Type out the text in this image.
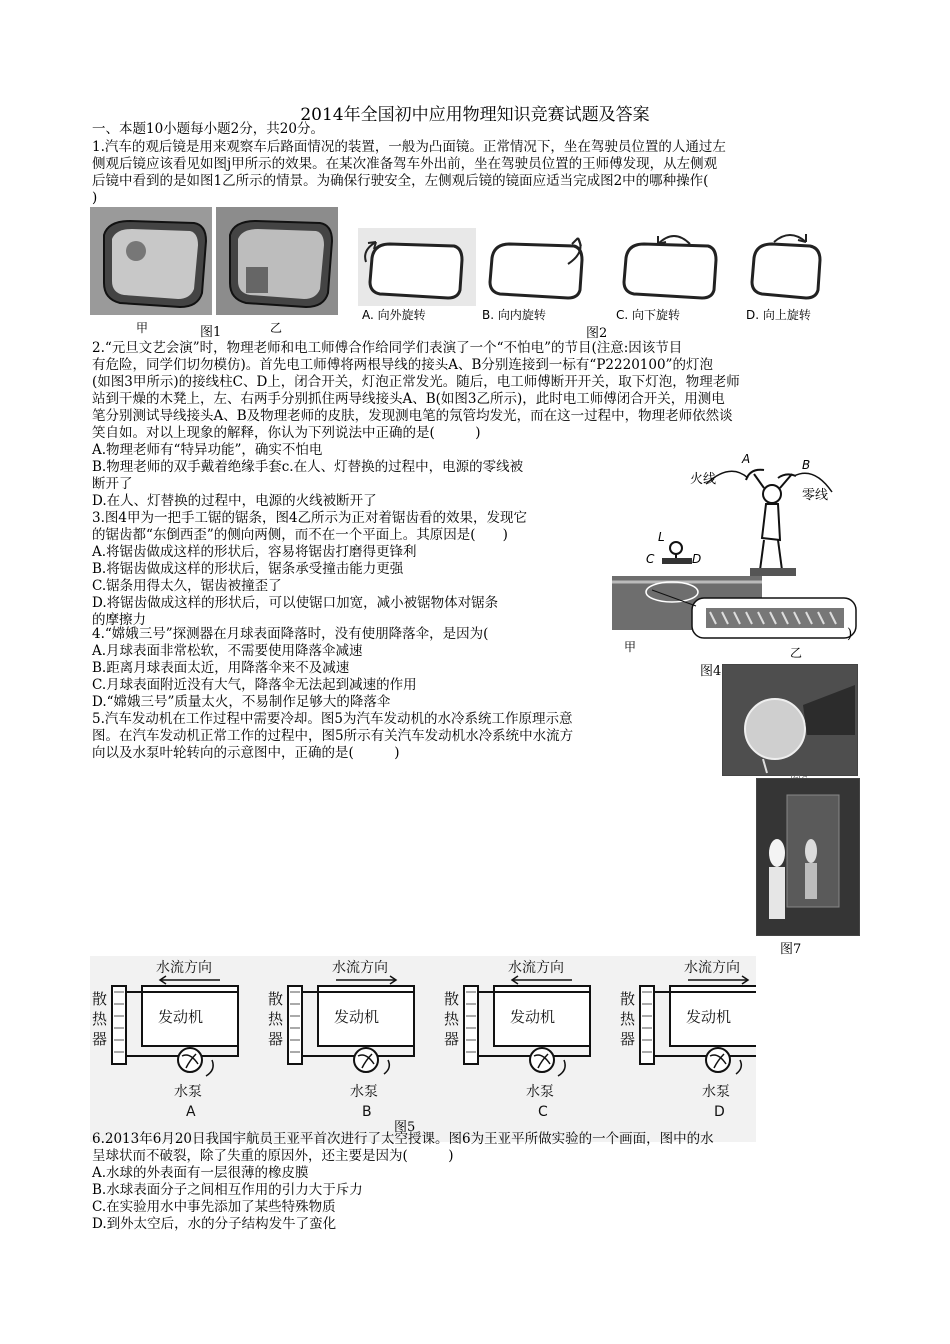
2014年全国初中应用物理知识竞赛试题及答案
一、本题10小题每小题2分，共20分。
1.汽车的观后镜是用来观察车后路面情况的装置，一般为凸面镜。正常情况下，坐在驾驶员位置的人通过左
侧观后镜应该看见如图j甲所示的效果。在某次准备驾车外出前，坐在驾驶员位置的王师傅发现，从左侧观
后镜中看到的是如图1乙所示的情景。为确保行驶安全，左侧观后镜的镜面应适当完成图2中的哪种操作(
)
甲	图1	乙
A. 向外旋转	B. 向内旋转	C. 向下旋转	D. 向上旋转
图2
2.“元旦文艺会演”时，物理老师和电工师傅合作给同学们表演了一个“不怕电”的节目(注意:因该节目
有危险，同学们切勿模仿)。首先电工师傅将两根导线的接头A、B分别连接到一标有“P2220100”的灯泡
(如图3甲所示)的接线柱C、D上，闭合开关，灯泡正常发光。随后，电工师傅断开开关，取下灯泡，物理老师
站到干燥的木凳上，左、右两手分别抓住两导线接头A、B(如图3乙所示)，此时电工师傅闭合开关，用测电
笔分别测试导线接头A、B及物理老师的皮肤，发现测电笔的氖管均发光，而在这一过程中，物理老师依然谈
笑自如。对以上现象的解释，你认为下列说法中正确的是(　　　)
A.物理老师有“特异功能”，确实不怕电
B.物理老师的双手戴着绝缘手套c.在人、灯替换的过程中，电源的零线被
断开了
D.在人、灯替换的过程中，电源的火线被断开了
火线
A	B
零线
L
C	D
3.图4甲为一把手工锯的锯条，图4乙所示为正对着锯齿看的效果，发现它
的锯齿都“东倒西歪”的侧向两侧，而不在一个平面上。其原因是(　　)
A.将锯齿做成这样的形状后，容易将锯齿打磨得更锋利
B.将锯齿做成这样的形状后，锯条承受撞击能力更强
C.锯条用得太久，锯齿被撞歪了
D.将锯齿做成这样的形状后，可以使锯口加宽，减小被锯物体对锯条
的摩擦力
甲
图4
乙
4.“嫦娥三号”探测器在月球表面降落时，没有使朋降落伞，是因为(	)
A.月球表面非常松软，不需要使用降落伞减速
B.距离月球表面太近，用降落伞来不及减速
C.月球表面附近没有大气，降落伞无法起到减速的作用
D.“嫦娥三号”质量太火，不易制作足够大的降落伞
5.汽车发动机在工作过程中需要冷却。图5为汽车发动机的水冷系统工作原理示意
图。在汽车发动机正常工作的过程中，图5所示有关汽车发动机水冷系统中水流方
向以及水泵叶轮转向的示意图中，正确的是(　　　)
图7
散
热
器
发动机
水流方向
水泵
A
散
热
器
发动机
水流方向
水泵
B
散
热
器
发动机
水流方向
水泵
C
散
热
器
发动机
水流方向
水泵
D
图5
6.2013年6月20日我国宇航员王亚平首次进行了太空授课。图6为王亚平所做实验的一个画面，图中的水
呈球状而不破裂，除了失重的原因外，还主要是因为(　　　)
A.水球的外表面有一层很薄的橡皮膜
B.水球表面分子之间相互作用的引力大于斥力
C.在实验用水中事先添加了某些特殊物质
D.到外太空后，水的分子结构发牛了蛮化
